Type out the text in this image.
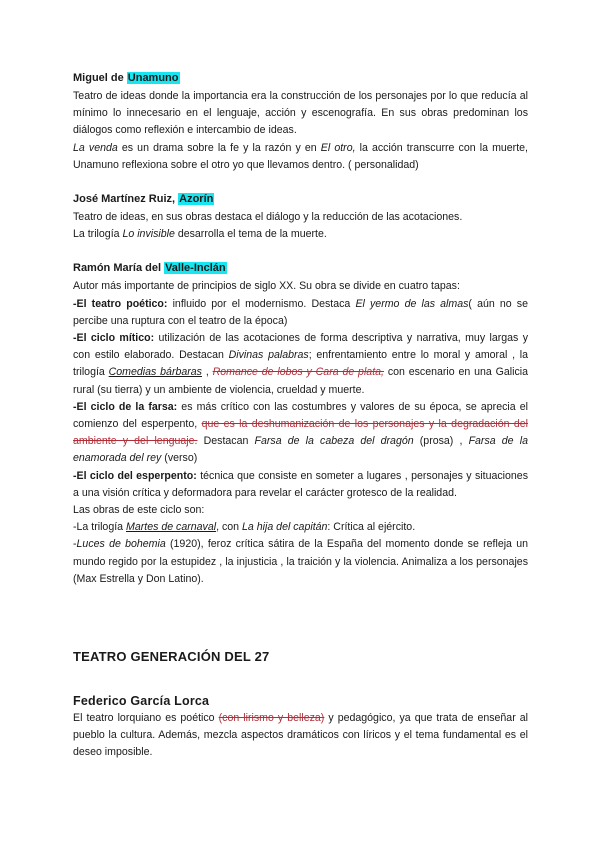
Miguel de Unamuno

Teatro de ideas donde la importancia era la construcción de los personajes por lo que reducía al mínimo lo innecesario en el lenguaje, acción y escenografía. En sus obras predominan los diálogos como reflexión e intercambio de ideas.

La venda es un drama sobre la fe y la razón y en El otro, la acción transcurre con la muerte, Unamuno reflexiona sobre el otro yo que llevamos dentro. ( personalidad)

José Martínez Ruiz, Azorín

Teatro de ideas, en sus obras destaca el diálogo y la reducción de las acotaciones.

La trilogía Lo invisible desarrolla el tema de la muerte.

Ramón María del Valle-Inclán

Autor más importante de principios de siglo XX. Su obra se divide en cuatro tapas:

-El teatro poético: influido por el modernismo. Destaca El yermo de las almas( aún no se percibe una ruptura con el teatro de la época)

-El ciclo mítico: utilización de las acotaciones de forma descriptiva y narrativa, muy largas y con estilo elaborado. Destacan Divinas palabras; enfrentamiento entre lo moral y amoral , la trilogía Comedias bárbaras , Romance de lobos y Cara de plata, con escenario en una Galicia rural (su tierra) y un ambiente de violencia, crueldad y muerte.

-El ciclo de la farsa: es más crítico con las costumbres y valores de su época, se aprecia el comienzo del esperpento, que es la deshumanización de los personajes y la degradación del ambiente y del lenguaje. Destacan Farsa de la cabeza del dragón (prosa) , Farsa de la enamorada del rey (verso)

-El ciclo del esperpento: técnica que consiste en someter a lugares , personajes y situaciones a una visión crítica y deformadora para revelar el carácter grotesco de la realidad.

Las obras de este ciclo son:

-La trilogía Martes de carnaval, con La hija del capitán: Crítica al ejército.

-Luces de bohemia (1920), feroz crítica sátira de la España del momento donde se refleja un mundo regido por la estupidez , la injusticia , la traición y la violencia. Animaliza a los personajes (Max Estrella y Don Latino).

TEATRO GENERACIÓN DEL 27
Federico García Lorca

El teatro lorquiano es poético (con lirismo y belleza) y pedagógico, ya que trata de enseñar al pueblo la cultura. Además, mezcla aspectos dramáticos con líricos y el tema fundamental es el deseo imposible.
